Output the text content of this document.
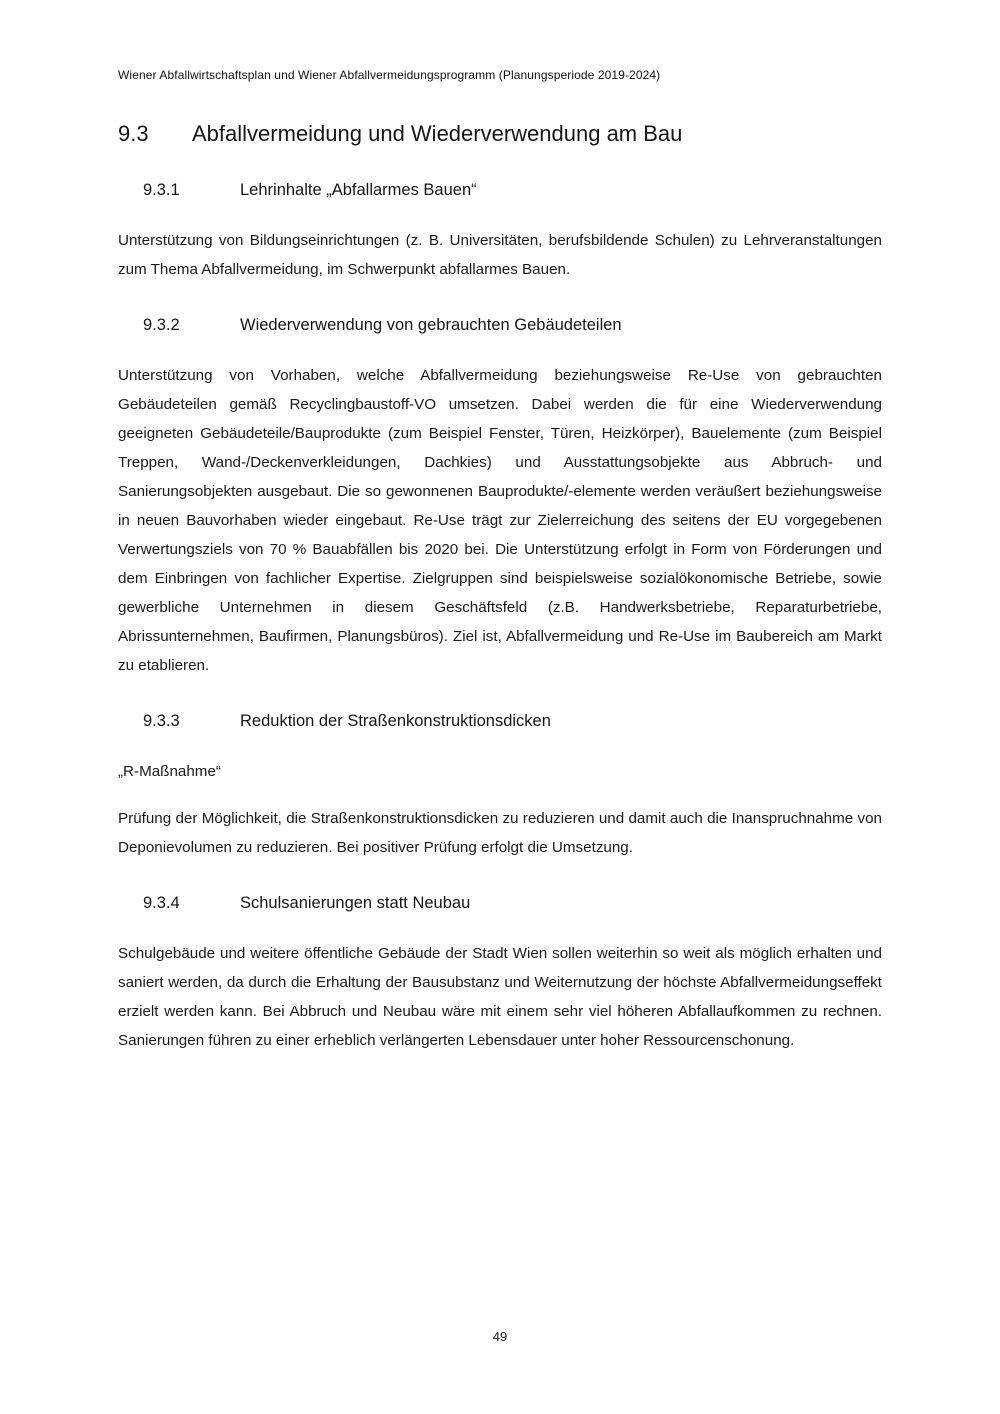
Wiener Abfallwirtschaftsplan und Wiener Abfallvermeidungsprogramm (Planungsperiode 2019-2024)
9.3	Abfallvermeidung und Wiederverwendung am Bau
9.3.1	Lehrinhalte „Abfallarmes Bauen“

Unterstützung von Bildungseinrichtungen (z. B. Universitäten, berufsbildende Schulen) zu Lehrveranstaltungen zum Thema Abfallvermeidung, im Schwerpunkt abfallarmes Bauen.

9.3.2	Wiederverwendung von gebrauchten Gebäudeteilen

Unterstützung von Vorhaben, welche Abfallvermeidung beziehungsweise Re-Use von gebrauchten Gebäudeteilen gemäß Recyclingbaustoff-VO umsetzen. Dabei werden die für eine Wiederverwendung geeigneten Gebäudeteile/Bauprodukte (zum Beispiel Fenster, Türen, Heizkörper), Bauelemente (zum Beispiel Treppen, Wand-/Deckenverkleidungen, Dachkies) und Ausstattungsobjekte aus Abbruch- und Sanierungsobjekten ausgebaut. Die so gewonnenen Bauprodukte/-elemente werden veräußert beziehungsweise in neuen Bauvorhaben wieder eingebaut. Re-Use trägt zur Zielerreichung des seitens der EU vorgegebenen Verwertungsziels von 70 % Bauabfällen bis 2020 bei. Die Unterstützung erfolgt in Form von Förderungen und dem Einbringen von fachlicher Expertise. Zielgruppen sind beispielsweise sozialökonomische Betriebe, sowie gewerbliche Unternehmen in diesem Geschäftsfeld (z.B. Handwerksbetriebe, Reparaturbetriebe, Abrissunternehmen, Baufirmen, Planungsbüros). Ziel ist, Abfallvermeidung und Re-Use im Baubereich am Markt zu etablieren.

9.3.3	Reduktion der Straßenkonstruktionsdicken

„R-Maßnahme“

Prüfung der Möglichkeit, die Straßenkonstruktionsdicken zu reduzieren und damit auch die Inanspruchnahme von Deponievolumen zu reduzieren. Bei positiver Prüfung erfolgt die Umsetzung.

9.3.4	Schulsanierungen statt Neubau

Schulgebäude und weitere öffentliche Gebäude der Stadt Wien sollen weiterhin so weit als möglich erhalten und saniert werden, da durch die Erhaltung der Bausubstanz und Weiternutzung der höchste Abfallvermeidungseffekt erzielt werden kann. Bei Abbruch und Neubau wäre mit einem sehr viel höheren Abfallaufkommen zu rechnen. Sanierungen führen zu einer erheblich verlängerten Lebensdauer unter hoher Ressourcenschonung.

49
